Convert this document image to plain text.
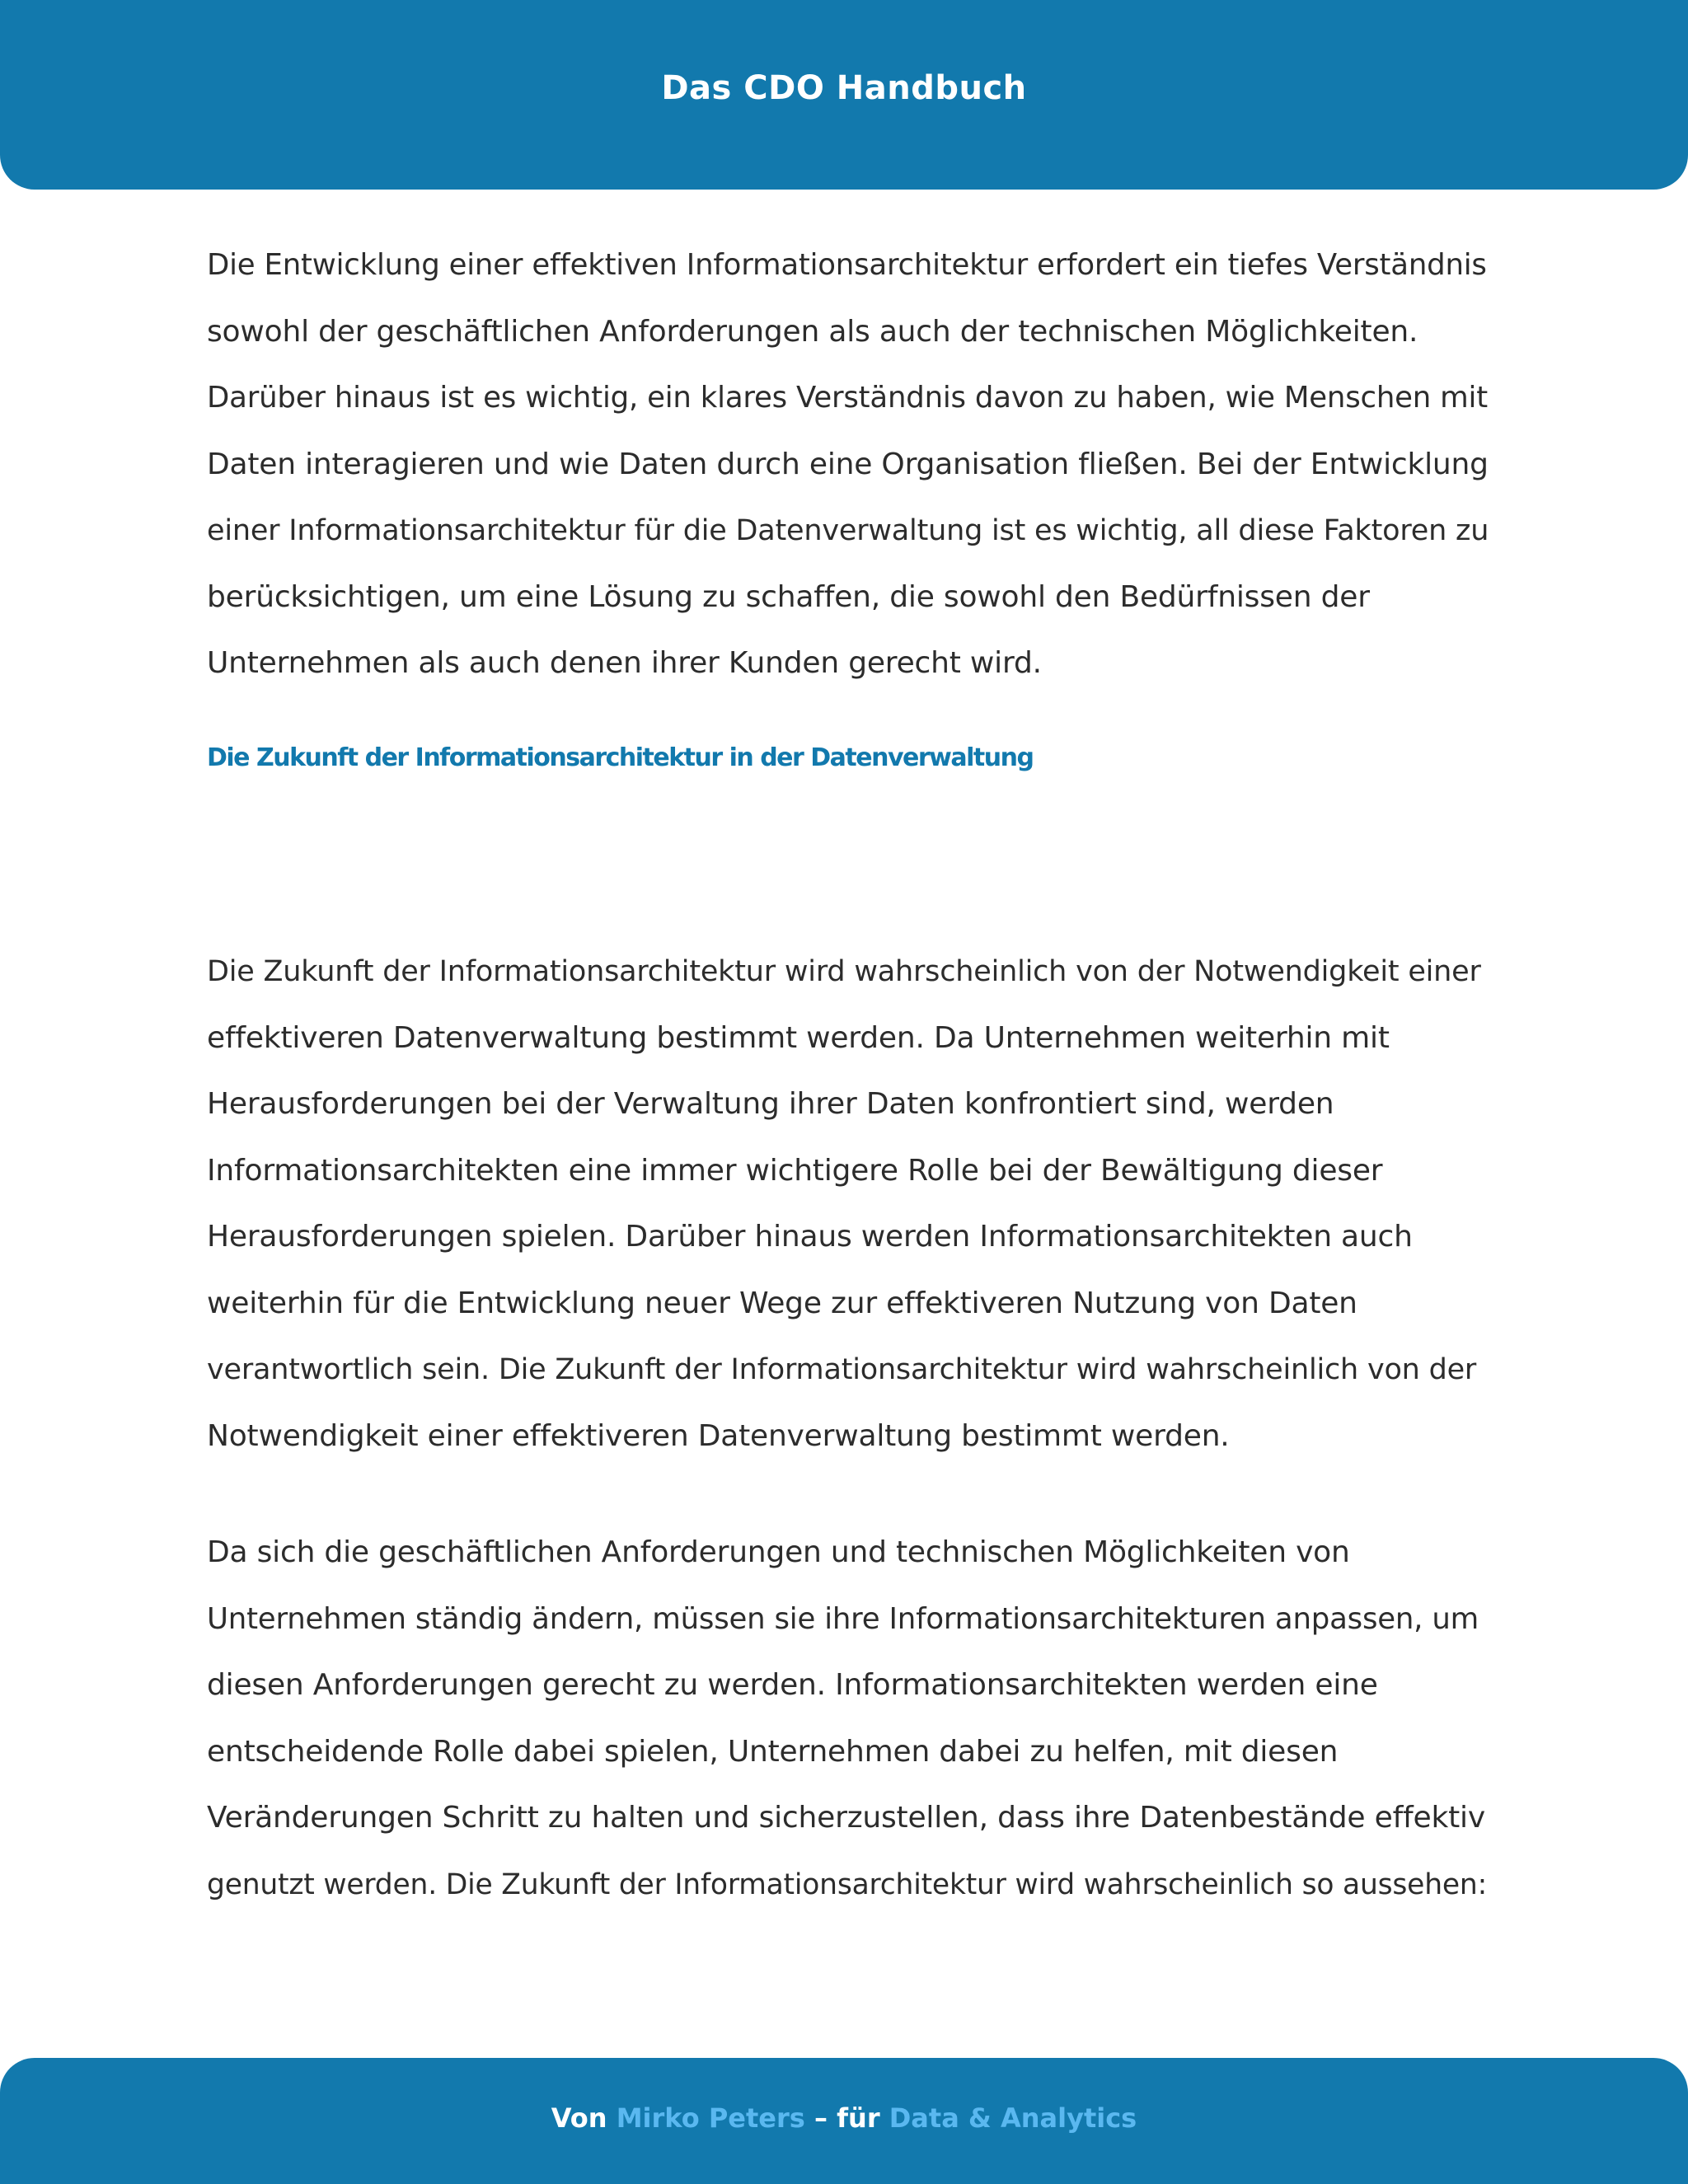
Das CDO Handbuch

Die Entwicklung einer effektiven Informationsarchitektur erfordert ein tiefes Verständnis
sowohl der geschäftlichen Anforderungen als auch der technischen Möglichkeiten.
Darüber hinaus ist es wichtig, ein klares Verständnis davon zu haben, wie Menschen mit
Daten interagieren und wie Daten durch eine Organisation fließen. Bei der Entwicklung
einer Informationsarchitektur für die Datenverwaltung ist es wichtig, all diese Faktoren zu
berücksichtigen, um eine Lösung zu schaffen, die sowohl den Bedürfnissen der
Unternehmen als auch denen ihrer Kunden gerecht wird.

Die Zukunft der Informationsarchitektur in der Datenverwaltung

Die Zukunft der Informationsarchitektur wird wahrscheinlich von der Notwendigkeit einer
effektiveren Datenverwaltung bestimmt werden. Da Unternehmen weiterhin mit
Herausforderungen bei der Verwaltung ihrer Daten konfrontiert sind, werden
Informationsarchitekten eine immer wichtigere Rolle bei der Bewältigung dieser
Herausforderungen spielen. Darüber hinaus werden Informationsarchitekten auch
weiterhin für die Entwicklung neuer Wege zur effektiveren Nutzung von Daten
verantwortlich sein. Die Zukunft der Informationsarchitektur wird wahrscheinlich von der
Notwendigkeit einer effektiveren Datenverwaltung bestimmt werden.

Da sich die geschäftlichen Anforderungen und technischen Möglichkeiten von
Unternehmen ständig ändern, müssen sie ihre Informationsarchitekturen anpassen, um
diesen Anforderungen gerecht zu werden. Informationsarchitekten werden eine
entscheidende Rolle dabei spielen, Unternehmen dabei zu helfen, mit diesen
Veränderungen Schritt zu halten und sicherzustellen, dass ihre Datenbestände effektiv
genutzt werden. Die Zukunft der Informationsarchitektur wird wahrscheinlich so aussehen:

Von Mirko Peters – für Data & Analytics
